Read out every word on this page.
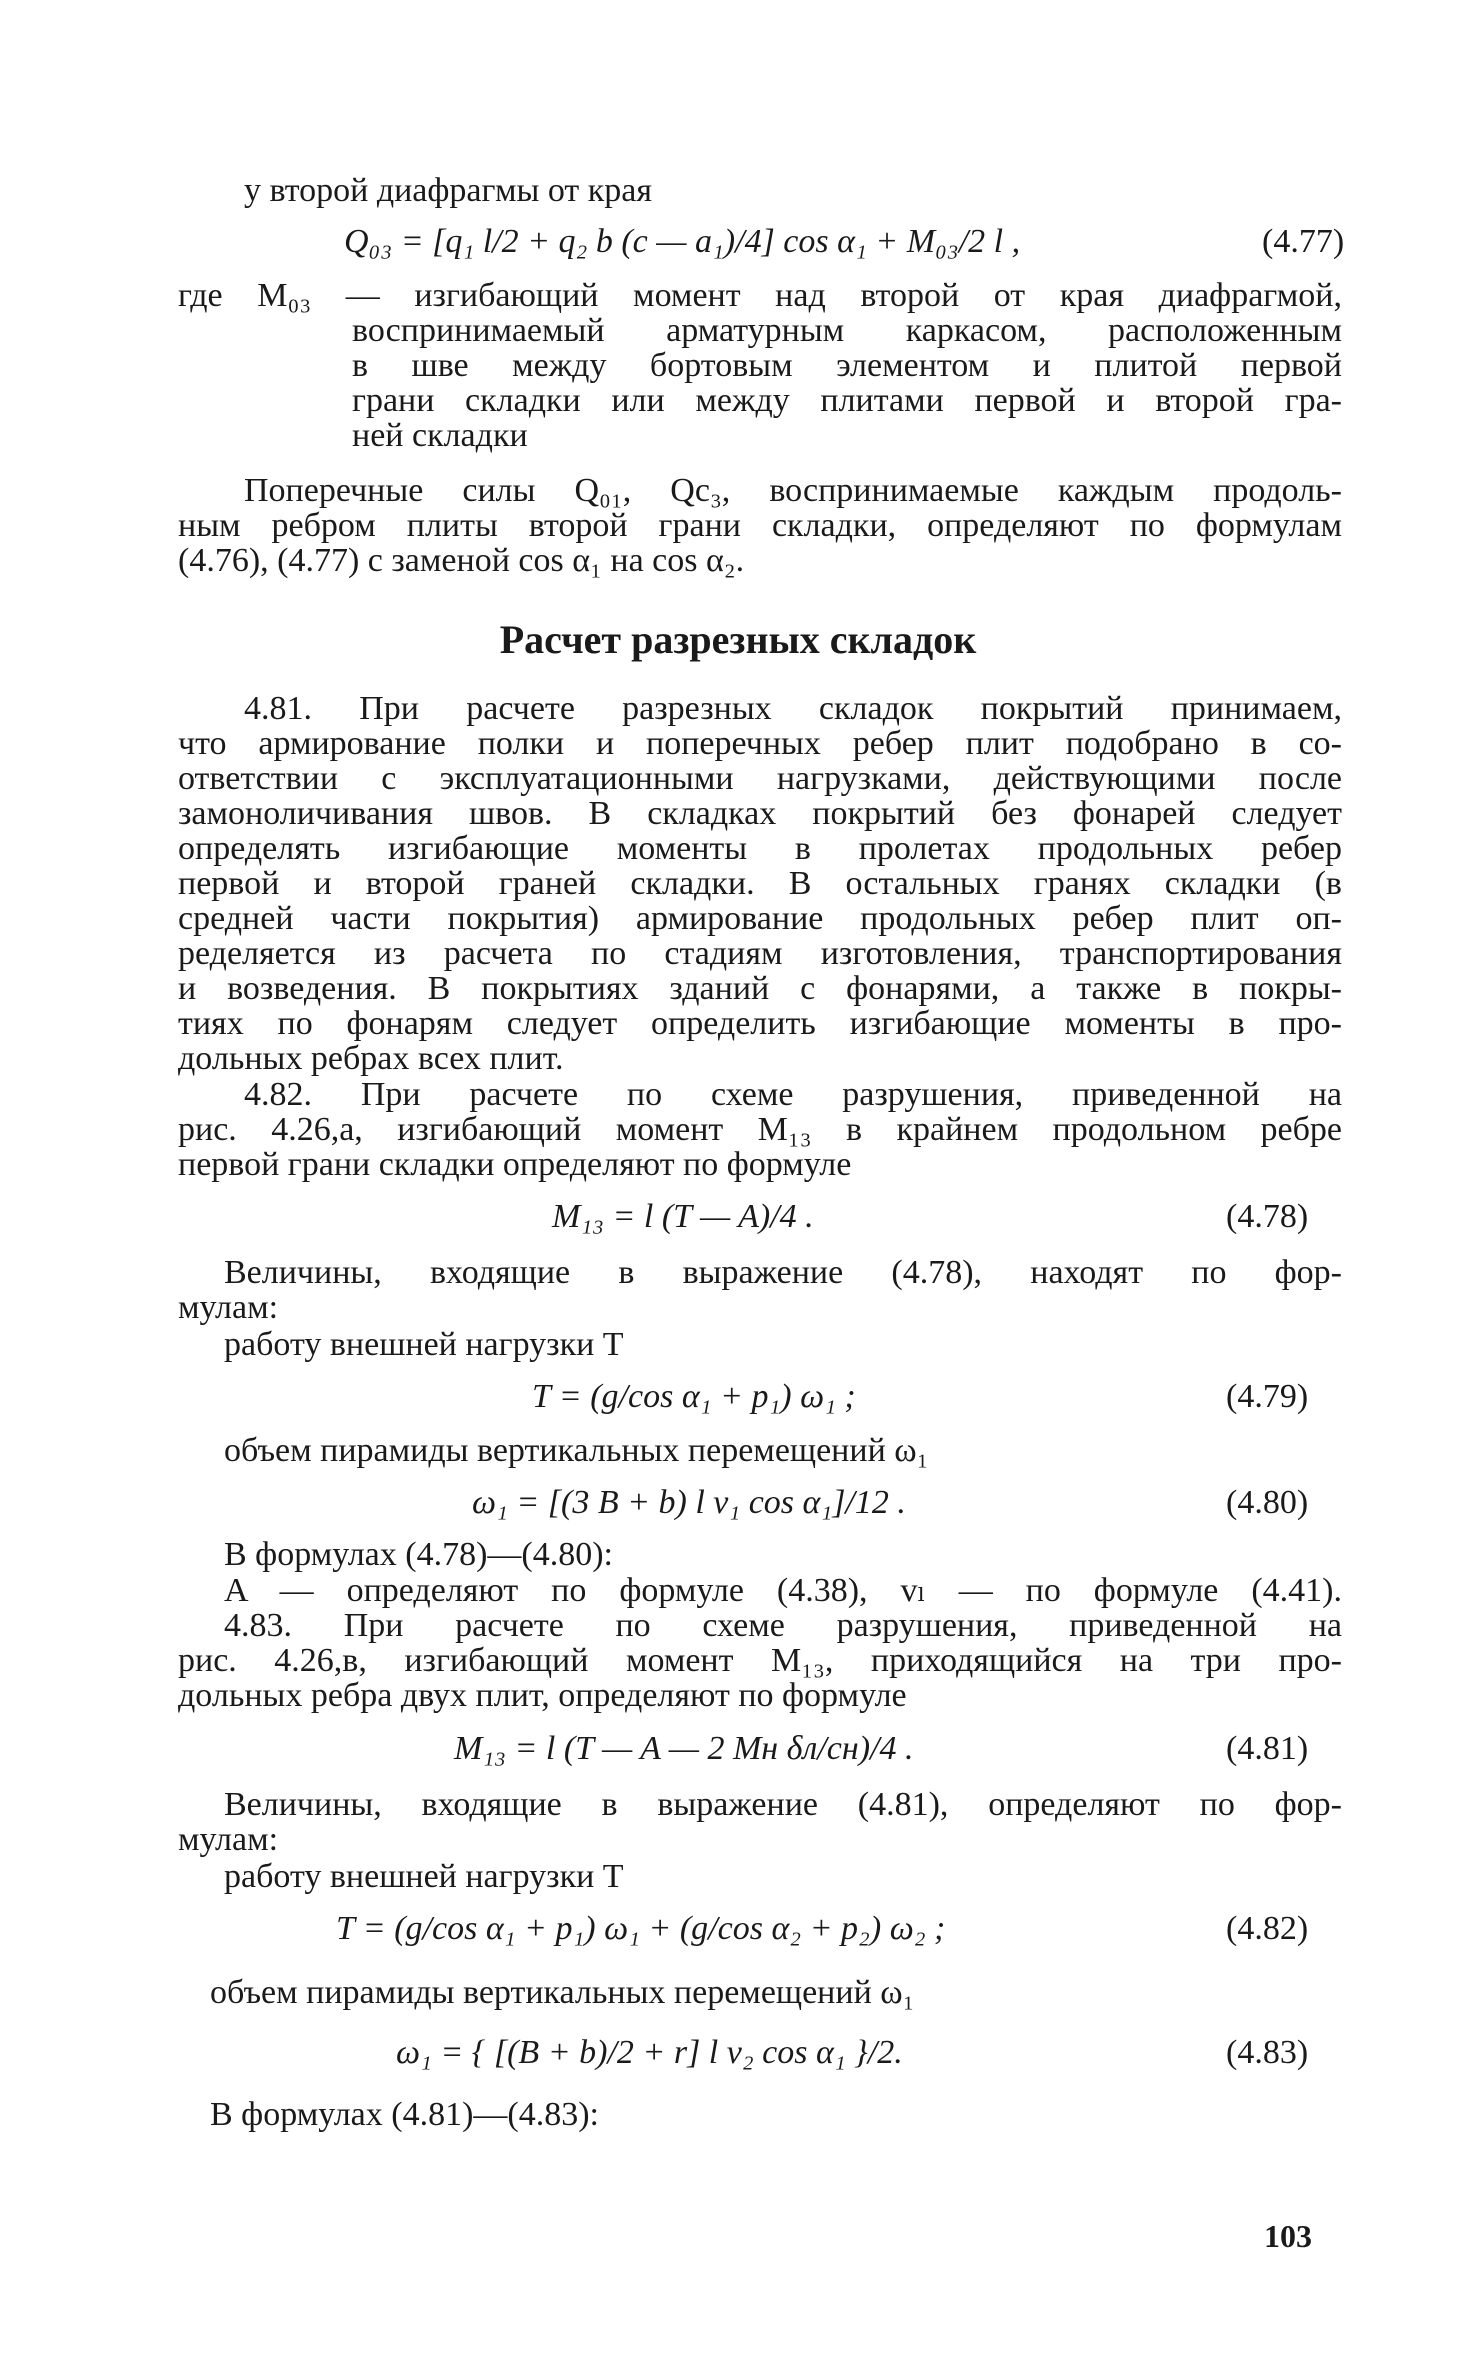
у второй диафрагмы от края
Q₀₃ = [q₁ l/2 + q₂ b (c — a₁)/4] cos α₁ + M₀₃/2 l ,	(4.77)
где M₀₃ — изгибающий момент над второй от края диафрагмой,
воспринимаемый арматурным каркасом, расположенным
в шве между бортовым элементом и плитой первой
грани складки или между плитами первой и второй гра-
ней складки
Поперечные силы Q₀₁, Qс₃, воспринимаемые каждым продоль-
ным ребром плиты второй грани складки, определяют по формулам
(4.76), (4.77) с заменой cos α₁ на cos α₂.
Расчет разрезных складок
4.81. При расчете разрезных складок покрытий принимаем,
что армирование полки и поперечных ребер плит подобрано в со-
ответствии с эксплуатационными нагрузками, действующими после
замоноличивания швов. В складках покрытий без фонарей следует
определять изгибающие моменты в пролетах продольных ребер
первой и второй граней складки. В остальных гранях складки (в
средней части покрытия) армирование продольных ребер плит оп-
ределяется из расчета по стадиям изготовления, транспортирования
и возведения. В покрытиях зданий с фонарями, а также в покры-
тиях по фонарям следует определить изгибающие моменты в про-
дольных ребрах всех плит.
4.82. При расчете по схеме разрушения, приведенной на
рис. 4.26,а, изгибающий момент M₁₃ в крайнем продольном ребре
первой грани складки определяют по формуле
M₁₃ = l (T — A)/4 .	(4.78)
Величины, входящие в выражение (4.78), находят по фор-
мулам:
работу внешней нагрузки T
T = (g/cos α₁ + p₁) ω₁ ;	(4.79)
объем пирамиды вертикальных перемещений ω₁
ω₁ = [(3 B + b) l v₁ cos α₁]/12 .	(4.80)
В формулах (4.78)—(4.80):
A — определяют по формуле (4.38), vₗ — по формуле (4.41).
4.83. При расчете по схеме разрушения, приведенной на
рис. 4.26,в, изгибающий момент M₁₃, приходящийся на три про-
дольных ребра двух плит, определяют по формуле
M₁₃ = l (T — A — 2 Mн δл/cн)/4 .	(4.81)
Величины, входящие в выражение (4.81), определяют по фор-
мулам:
работу внешней нагрузки T
T = (g/cos α₁ + p₁) ω₁ + (g/cos α₂ + p₂) ω₂ ;	(4.82)
объем пирамиды вертикальных перемещений ω₁
ω₁ = { [(B + b)/2 + r] l v₂ cos α₁ }/2.	(4.83)
В формулах (4.81)—(4.83):
103
